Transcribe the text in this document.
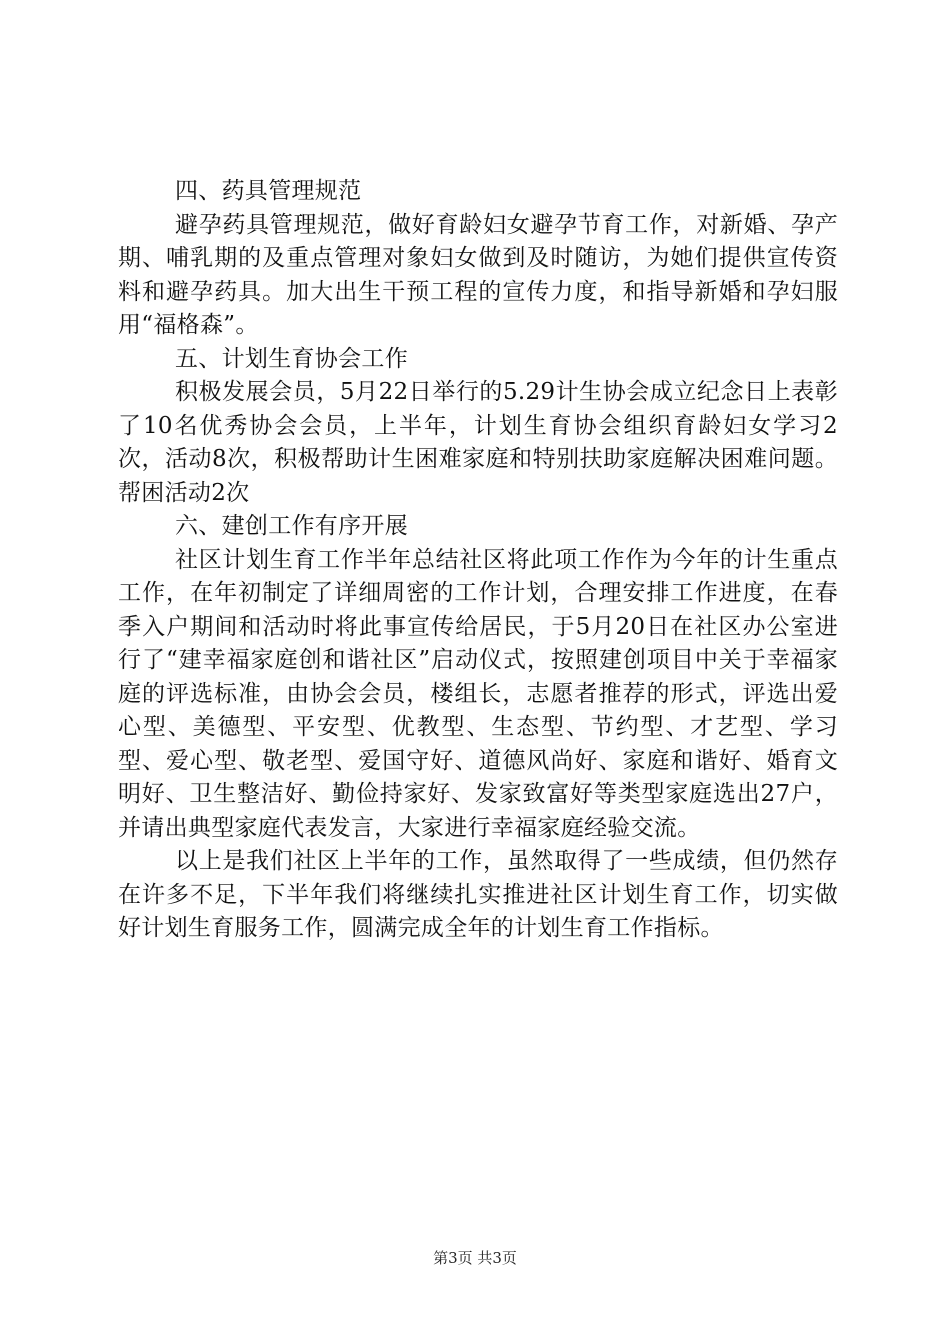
四、药具管理规范

避孕药具管理规范，做好育龄妇女避孕节育工作，对新婚、孕产期、哺乳期的及重点管理对象妇女做到及时随访，为她们提供宣传资料和避孕药具。加大出生干预工程的宣传力度，和指导新婚和孕妇服用“福格森”。

五、计划生育协会工作

积极发展会员，5月22日举行的5.29计生协会成立纪念日上表彰了10名优秀协会会员，上半年，计划生育协会组织育龄妇女学习2次，活动8次，积极帮助计生困难家庭和特别扶助家庭解决困难问题。帮困活动2次

六、建创工作有序开展

社区计划生育工作半年总结社区将此项工作作为今年的计生重点工作，在年初制定了详细周密的工作计划，合理安排工作进度，在春季入户期间和活动时将此事宣传给居民，于5月20日在社区办公室进行了“建幸福家庭创和谐社区”启动仪式，按照建创项目中关于幸福家庭的评选标准，由协会会员，楼组长，志愿者推荐的形式，评选出爱心型、美德型、平安型、优教型、生态型、节约型、才艺型、学习型、爱心型、敬老型、爱国守好、道德风尚好、家庭和谐好、婚育文明好、卫生整洁好、勤俭持家好、发家致富好等类型家庭选出27户，并请出典型家庭代表发言，大家进行幸福家庭经验交流。

以上是我们社区上半年的工作，虽然取得了一些成绩，但仍然存在许多不足，下半年我们将继续扎实推进社区计划生育工作，切实做好计划生育服务工作，圆满完成全年的计划生育工作指标。

第3页 共3页
